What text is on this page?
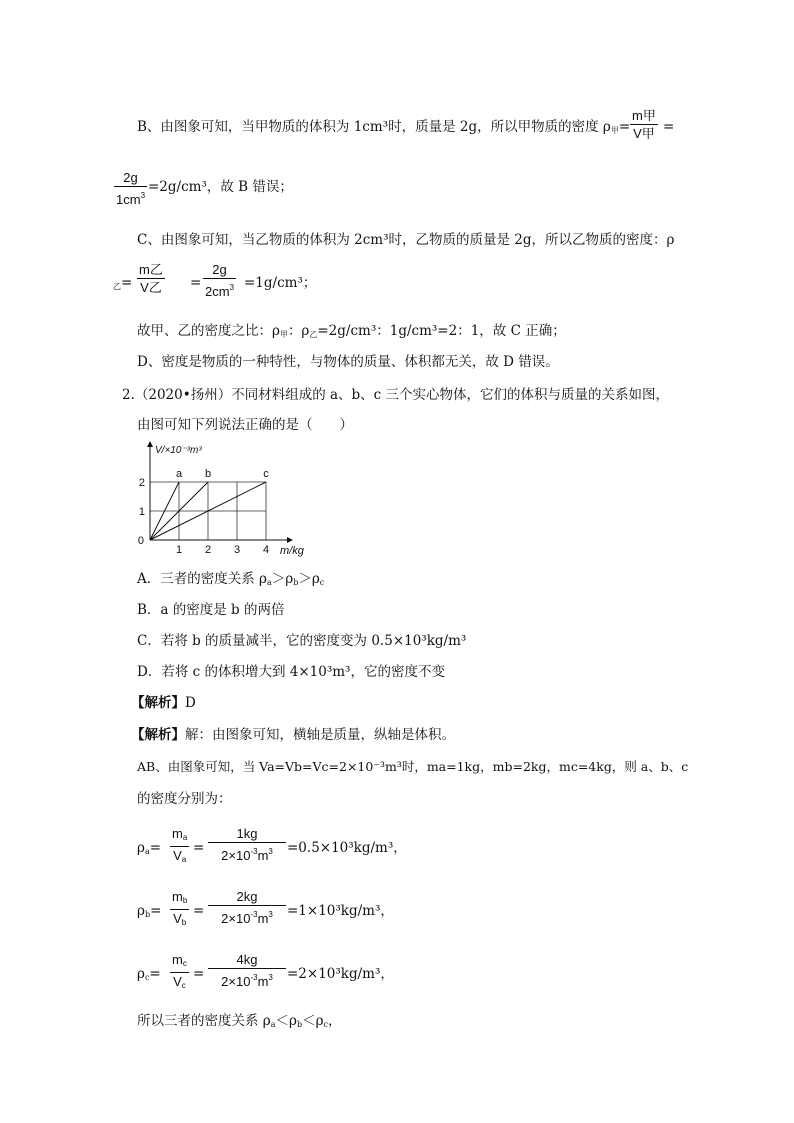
B、由图象可知，当甲物质的体积为 1cm³时，质量是 2g，所以甲物质的密度 $\rho_甲=$
m甲
V甲 =
$\frac{2g}{1cm^3} =2g/cm^3$，故 B 错误；
C、由图象可知，当乙物质的体积为 2cm³时，乙物质的质量是 2g，所以乙物质的密度：ρ
$_乙$=
m乙
V乙 = $\frac{2g}{2cm^3} =1g/cm^3$；
故甲、乙的密度之比：$\rho_甲$：$\rho_乙=2g$/cm³：1g/cm³=2：1，故 C 正确；
D、密度是物质的一种特性，与物体的质量、体积都无关，故 D 错误。
2.（2020•扬州）不同材料组成的 a、b、c 三个实心物体，它们的体积与质量的关系如图，
由图可知下列说法正确的是（　　）
a b	c
1 2 3 4
1
2
0
m/kg
V/×10⁻³m³
A．三者的密度关系 $\rho_a>\rho_b>\rho_c$
B．a 的密度是 b 的两倍
C．若将 b 的质量减半，它的密度变为 0.5×10³kg/m³
D．若将 c 的体积增大到 4×10³m³，它的密度不变
【解析】D
【解析】解：由图象可知，横轴是质量，纵轴是体积。
AB、由图象可知，当 Va=Vb=Vc=2×10⁻³m³时，ma=1kg，mb=2kg，mc=4kg，则 a、b、c
的密度分别为：
$\rho_a= \frac{m_a}{V_a} = \frac{1kg}{2\times 10^{-3}m^3} =0.5\times 10^3kg/m^3$，
$\rho_b= \frac{m_b}{V_b} = \frac{2kg}{2\times 10^{-3}m^3} =1\times 10^3kg/m^3$，
$\rho_c= \frac{m_c}{V_c} = \frac{4kg}{2\times 10^{-3}m^3} =2\times 10^3kg/m^3$，
所以三者的密度关系 $\rho_a<\rho_b<\rho_c$，
